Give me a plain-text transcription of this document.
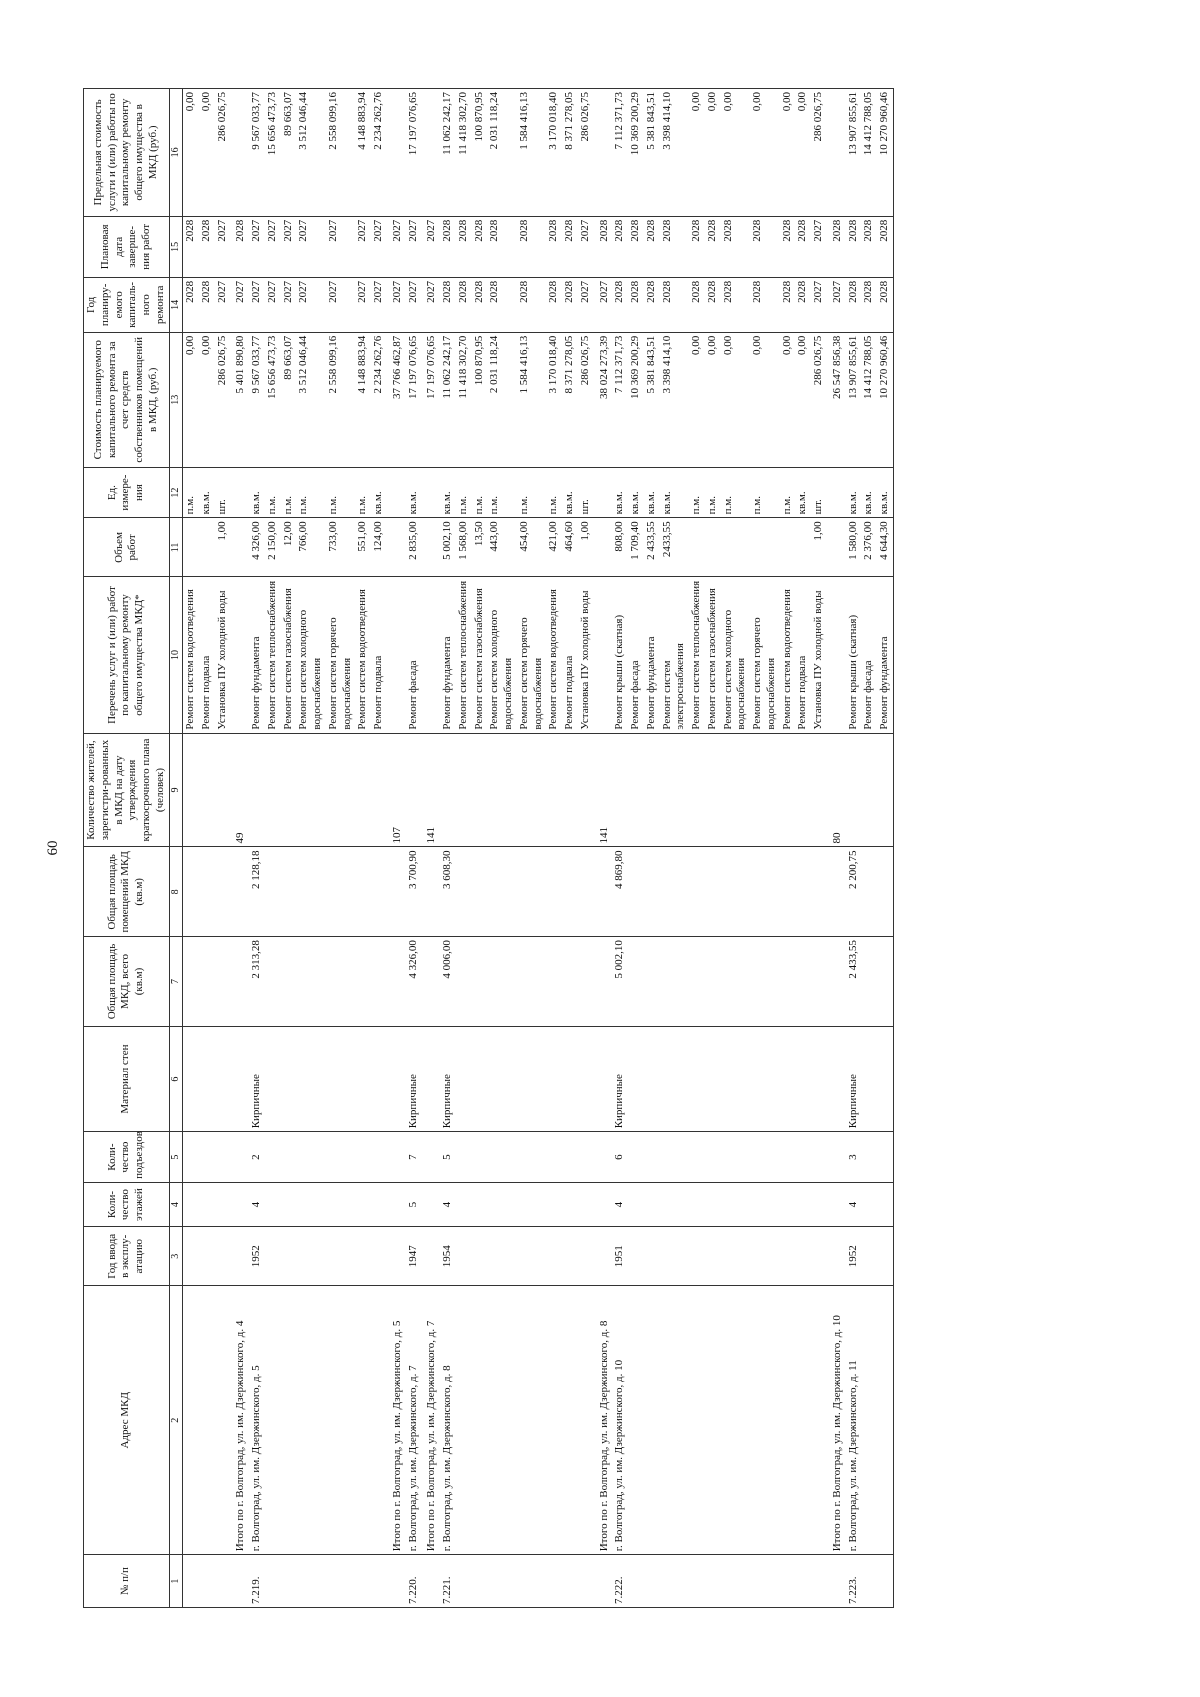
60
№ п/п	Адрес МКД	Год ввода в эксплу-атацию	Коли-чество этажей	Коли-чество подъездов	Материал стен	Общая площадь МКД, всего (кв.м)	Общая площадь помещений МКД (кв.м)	Количество жителей, зарегистри-рованных в МКД на дату утверждения краткосрочного плана (человек)	Перечень услуг и (или) работ по капитальному ремонту общего имущества МКД*	Объем работ	Ед. измере-ния	Стоимость планируемого капитального ремонта за счет средств собственников помещений в МКД, (руб.)	Год планиру-емого капиталь-ного ремонта	Плановая дата заверше-ния работ	Предельная стоимость услуги и (или) работы по капитальному ремонту общего имущества в МКД (руб.)
1	2	3	4	5	6	7	8	9	10	11	12	13	14	15	16
									Ремонт систем водоотведения		п.м.	0,00	2028	2028	0,00
									Ремонт подвала		кв.м.	0,00	2028	2028	0,00
									Установка ПУ холодной воды	1,00	шт.	286 026,75	2027	2027	286 026,75
	Итого по г. Волгоград, ул. им. Дзержинского, д. 4							49				5 401 890,80	2027	2028	
7.219.	г. Волгоград, ул. им. Дзержинского, д. 5	1952	4	2	Кирпичные	2 313,28	2 128,18		Ремонт фундамента	4 326,00	кв.м.	9 567 033,77	2027	2027	9 567 033,77
									Ремонт систем теплоснабжения	2 150,00	п.м.	15 656 473,73	2027	2027	15 656 473,73
									Ремонт систем газоснабжения	12,00	п.м.	89 663,07	2027	2027	89 663,07
									Ремонт систем холодного водоснабжения	766,00	п.м.	3 512 046,44	2027	2027	3 512 046,44
									Ремонт систем горячего водоснабжения	733,00	п.м.	2 558 099,16	2027	2027	2 558 099,16
									Ремонт систем водоотведения	551,00	п.м.	4 148 883,94	2027	2027	4 148 883,94
									Ремонт подвала	124,00	кв.м.	2 234 262,76	2027	2027	2 234 262,76
	Итого по г. Волгоград, ул. им. Дзержинского, д. 5							107				37 766 462,87	2027	2027	
7.220.	г. Волгоград, ул. им. Дзержинского, д. 7	1947	5	7	Кирпичные	4 326,00	3 700,90		Ремонт фасада	2 835,00	кв.м.	17 197 076,65	2027	2027	17 197 076,65
	Итого по г. Волгоград, ул. им. Дзержинского, д. 7							141				17 197 076,65	2027	2027	
7.221.	г. Волгоград, ул. им. Дзержинского, д. 8	1954	4	5	Кирпичные	4 006,00	3 608,30		Ремонт фундамента	5 002,10	кв.м.	11 062 242,17	2028	2028	11 062 242,17
									Ремонт систем теплоснабжения	1 568,00	п.м.	11 418 302,70	2028	2028	11 418 302,70
									Ремонт систем газоснабжения	13,50	п.м.	100 870,95	2028	2028	100 870,95
									Ремонт систем холодного водоснабжения	443,00	п.м.	2 031 118,24	2028	2028	2 031 118,24
									Ремонт систем горячего водоснабжения	454,00	п.м.	1 584 416,13	2028	2028	1 584 416,13
									Ремонт систем водоотведения	421,00	п.м.	3 170 018,40	2028	2028	3 170 018,40
									Ремонт подвала	464,60	кв.м.	8 371 278,05	2028	2028	8 371 278,05
									Установка ПУ холодной воды	1,00	шт.	286 026,75	2027	2027	286 026,75
	Итого по г. Волгоград, ул. им. Дзержинского, д. 8							141				38 024 273,39	2027	2028	
7.222.	г. Волгоград, ул. им. Дзержинского, д. 10	1951	4	6	Кирпичные	5 002,10	4 869,80		Ремонт крыши (скатная)	808,00	кв.м.	7 112 371,73	2028	2028	7 112 371,73
									Ремонт фасада	1 709,40	кв.м.	10 369 200,29	2028	2028	10 369 200,29
									Ремонт фундамента	2 433,55	кв.м.	5 381 843,51	2028	2028	5 381 843,51
									Ремонт систем электроснабжения	2433,55	кв.м.	3 398 414,10	2028	2028	3 398 414,10
									Ремонт систем теплоснабжения		п.м.	0,00	2028	2028	0,00
									Ремонт систем газоснабжения		п.м.	0,00	2028	2028	0,00
									Ремонт систем холодного водоснабжения		п.м.	0,00	2028	2028	0,00
									Ремонт систем горячего водоснабжения		п.м.	0,00	2028	2028	0,00
									Ремонт систем водоотведения		п.м.	0,00	2028	2028	0,00
									Ремонт подвала		кв.м.	0,00	2028	2028	0,00
									Установка ПУ холодной воды	1,00	шт.	286 026,75	2027	2027	286 026,75
	Итого по г. Волгоград, ул. им. Дзержинского, д. 10							80				26 547 856,38	2027	2028	
7.223.	г. Волгоград, ул. им. Дзержинского, д. 11	1952	4	3	Кирпичные	2 433,55	2 200,75		Ремонт крыши (скатная)	1 580,00	кв.м.	13 907 855,61	2028	2028	13 907 855,61
									Ремонт фасада	2 376,00	кв.м.	14 412 788,05	2028	2028	14 412 788,05
									Ремонт фундамента	4 644,30	кв.м.	10 270 960,46	2028	2028	10 270 960,46
